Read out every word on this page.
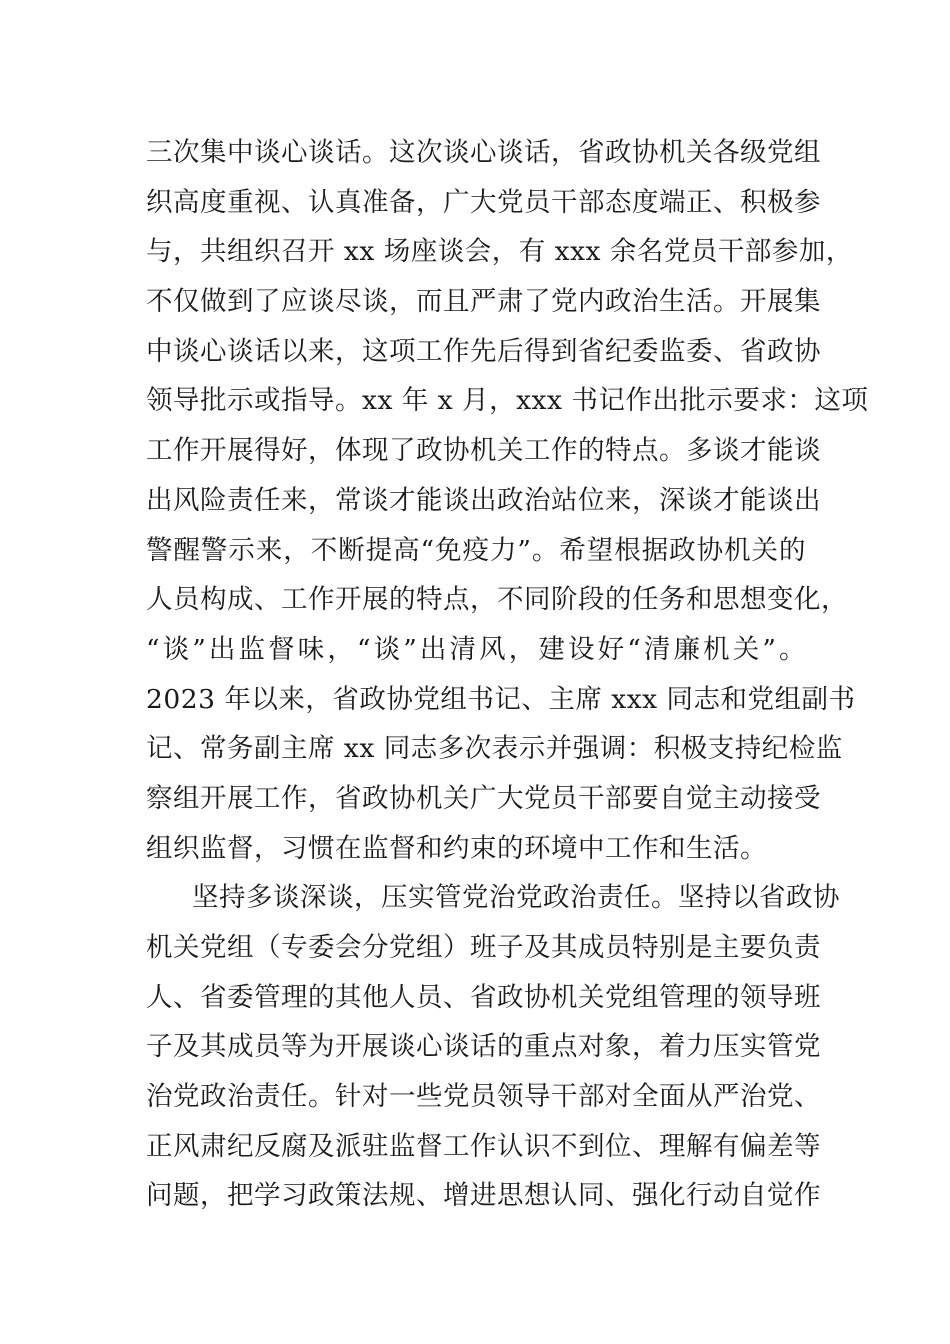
三次集中谈心谈话。这次谈心谈话，省政协机关各级党组
织高度重视、认真准备，广大党员干部态度端正、积极参
与，共组织召开 xx 场座谈会，有 xxx 余名党员干部参加，
不仅做到了应谈尽谈，而且严肃了党内政治生活。开展集
中谈心谈话以来，这项工作先后得到省纪委监委、省政协
领导批示或指导。xx 年 x 月，xxx 书记作出批示要求：这项
工作开展得好，体现了政协机关工作的特点。多谈才能谈
出风险责任来，常谈才能谈出政治站位来，深谈才能谈出
警醒警示来，不断提高“免疫力”。希望根据政协机关的
人员构成、工作开展的特点，不同阶段的任务和思想变化，
“谈”出监督味，“谈”出清风，建设好“清廉机关”。
2023 年以来，省政协党组书记、主席 xxx 同志和党组副书
记、常务副主席 xx 同志多次表示并强调：积极支持纪检监
察组开展工作，省政协机关广大党员干部要自觉主动接受
组织监督，习惯在监督和约束的环境中工作和生活。
坚持多谈深谈，压实管党治党政治责任。坚持以省政协
机关党组（专委会分党组）班子及其成员特别是主要负责
人、省委管理的其他人员、省政协机关党组管理的领导班
子及其成员等为开展谈心谈话的重点对象，着力压实管党
治党政治责任。针对一些党员领导干部对全面从严治党、
正风肃纪反腐及派驻监督工作认识不到位、理解有偏差等
问题，把学习政策法规、增进思想认同、强化行动自觉作
